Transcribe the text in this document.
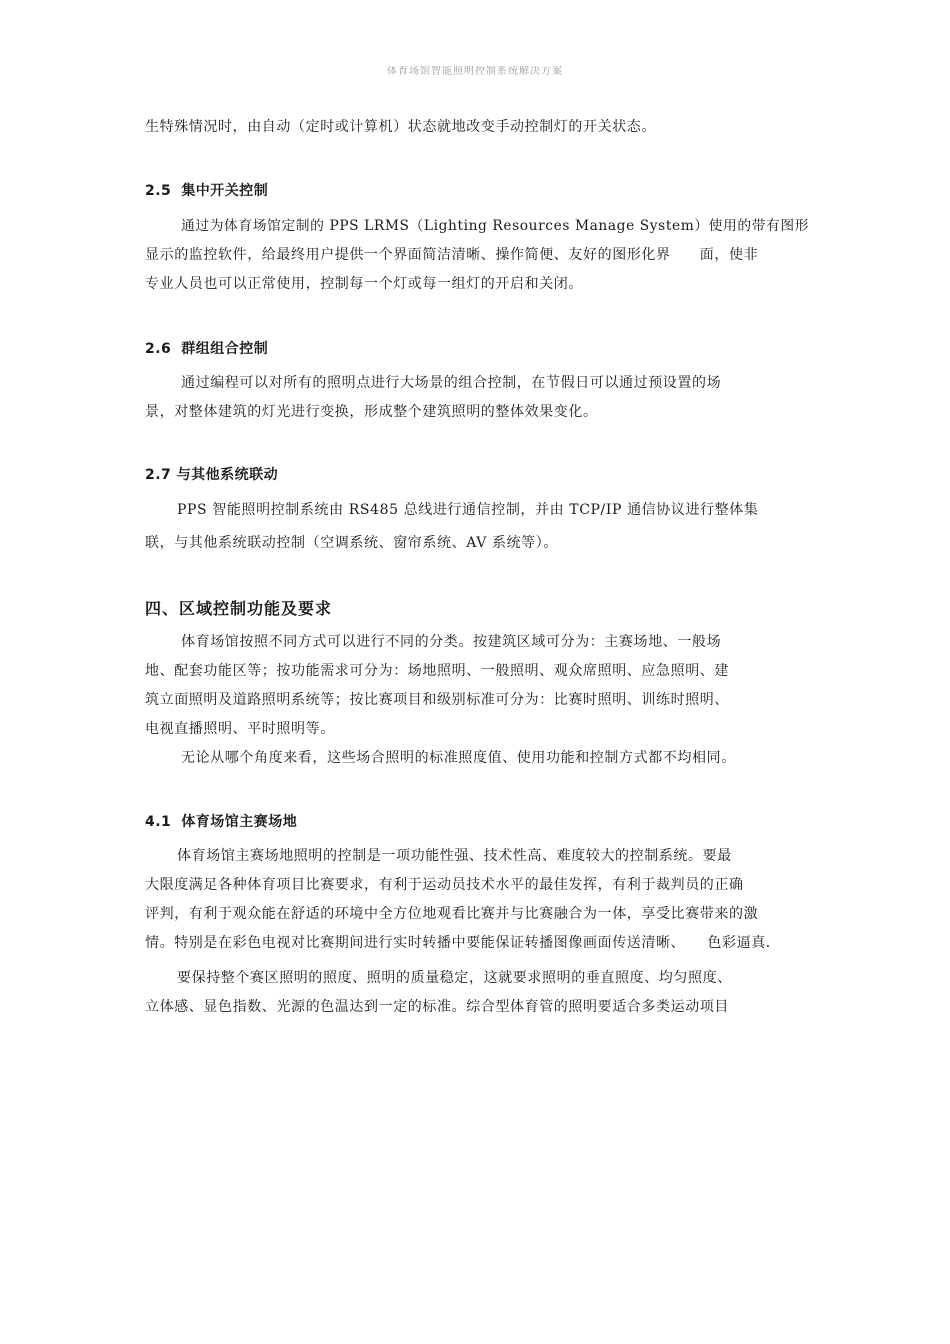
体育场馆智能照明控制系统解决方案
生特殊情况时，由自动（定时或计算机）状态就地改变手动控制灯的开关状态。
2.5 集中开关控制
通过为体育场馆定制的 PPS LRMS（Lighting Resources Manage System）使用的带有图形
显示的监控软件，给最终用户提供一个界面简洁清晰、操作简便、友好的图形化界　　面，使非
专业人员也可以正常使用，控制每一个灯或每一组灯的开启和关闭。
2.6 群组组合控制
通过编程可以对所有的照明点进行大场景的组合控制，在节假日可以通过预设置的场
景，对整体建筑的灯光进行变换，形成整个建筑照明的整体效果变化。
2.7 与其他系统联动
PPS 智能照明控制系统由 RS485 总线进行通信控制，并由 TCP/IP 通信协议进行整体集
联，与其他系统联动控制（空调系统、窗帘系统、AV 系统等）。
四、区域控制功能及要求
体育场馆按照不同方式可以进行不同的分类。按建筑区域可分为：主赛场地、一般场
地、配套功能区等；按功能需求可分为：场地照明、一般照明、观众席照明、应急照明、建
筑立面照明及道路照明系统等；按比赛项目和级别标准可分为：比赛时照明、训练时照明、
电视直播照明、平时照明等。
无论从哪个角度来看，这些场合照明的标准照度值、使用功能和控制方式都不均相同。
4.1 体育场馆主赛场地
体育场馆主赛场地照明的控制是一项功能性强、技术性高、难度较大的控制系统。要最
大限度满足各种体育项目比赛要求，有利于运动员技术水平的最佳发挥，有利于裁判员的正确
评判，有利于观众能在舒适的环境中全方位地观看比赛并与比赛融合为一体，享受比赛带来的激
情。特别是在彩色电视对比赛期间进行实时转播中要能保证转播图像画面传送清晰、　　色彩逼真．
要保持整个赛区照明的照度、照明的质量稳定，这就要求照明的垂直照度、均匀照度、
立体感、显色指数、光源的色温达到一定的标准。综合型体育管的照明要适合多类运动项目
